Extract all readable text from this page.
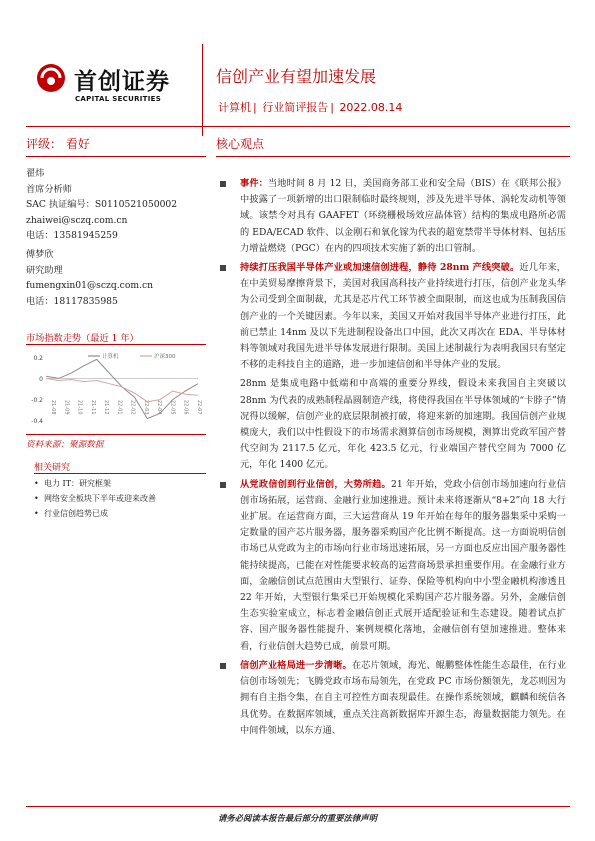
首创证券
CAPITAL SECURITIES
信创产业有望加速发展
计算机 | 行业简评报告 | 2022.08.14
评级： 看好	核心观点
翟炜
首席分析师
SAC 执证编号：S0110521050002
zhaiwei@sczq.com.cn
电话：13581945259
傅梦欣
研究助理
fumengxin01@sczq.com.cn
电话：18117835985
市场指数走势（最近 1 年）
0.2
0
-0.2
-0.4
21-08 21-09 21-10 21-11 21-12 22-01 22-02 22-03 22-04 22-05 22-06 22-07
计算机	沪深300
资料来源：聚源数据
相关研究
• 电力 IT：研究框架
• 网络安全板块下半年或迎来改善
• 行业信创趋势已成
事件：当地时间 8 月 12 日，美国商务部工业和安全局（BIS）在《联邦公报》中披露了一项新增的出口限制临时最终规则，涉及先进半导体、涡轮发动机等领域。该禁令对具有 GAAFET（环绕栅极场效应晶体管）结构的集成电路所必需的 EDA/ECAD 软件、以金刚石和氧化镓为代表的超宽禁带半导体材料、包括压力增益燃烧（PGC）在内的四项技术实施了新的出口管制。
持续打压我国半导体产业或加速信创进程，静待 28nm 产线突破。近几年来，在中美贸易摩擦背景下，美国对我国高科技产业持续进行打压，信创产业龙头华为公司受到全面制裁，尤其是芯片代工环节被全面限制，而这也成为压制我国信创产业的一个关键因素。今年以来，美国又开始对我国半导体产业进行打压，此前已禁止 14nm 及以下先进制程设备出口中国，此次又再次在 EDA、半导体材料等领域对我国先进半导体发展进行限制。美国上述制裁行为表明我国只有坚定不移的走科技自主的道路，进一步加速信创和半导体产业的发展。
28nm 是集成电路中低端和中高端的重要分界线，假设未来我国自主突破以 28nm 为代表的成熟制程晶圆制造产线，将使得我国在半导体领域的“卡脖子”情况得以缓解，信创产业的底层限制被打破，将迎来新的加速期。我国信创产业规模庞大，我们以中性假设下的市场需求测算信创市场规模，测算出党政军国产替代空间为 2117.5 亿元，年化 423.5 亿元，行业端国产替代空间为 7000 亿元，年化 1400 亿元。
从党政信创到行业信创，大势所趋。21 年开始，党政小信创市场加速向行业信创市场拓展，运营商、金融行业加速推进。预计未来将逐渐从“8+2”向 18 大行业扩展。在运营商方面，三大运营商从 19 年开始在每年的服务器集采中采购一定数量的国产芯片服务器，服务器采购国产化比例不断提高。这一方面说明信创市场已从党政为主的市场向行业市场迅速拓展，另一方面也反应出国产服务器性能持续提高，已能在对性能要求较高的运营商场景承担重要作用。在金融行业方面，金融信创试点范围由大型银行、证券、保险等机构向中小型金融机构渗透且 22 年开始，大型银行集采已开始规模化采购国产芯片服务器。另外，金融信创生态实验室成立，标志着金融信创正式展开适配验证和生态建设。随着试点扩容、国产服务器性能提升、案例规模化落地，金融信创有望加速推进。整体来看，行业信创大趋势已成，前景可期。
信创产业格局进一步清晰。在芯片领域，海光、鲲鹏整体性能生态最佳，在行业信创市场领先；飞腾党政市场布局领先，在党政 PC 市场份额领先，龙芯则因为拥有自主指令集，在自主可控性方面表现最佳。在操作系统领域，麒麟和统信各具优势。在数据库领域，重点关注高新数据库开源生态，海量数据能力领先。在中间件领域，以东方通、
请务必阅读本报告最后部分的重要法律声明
